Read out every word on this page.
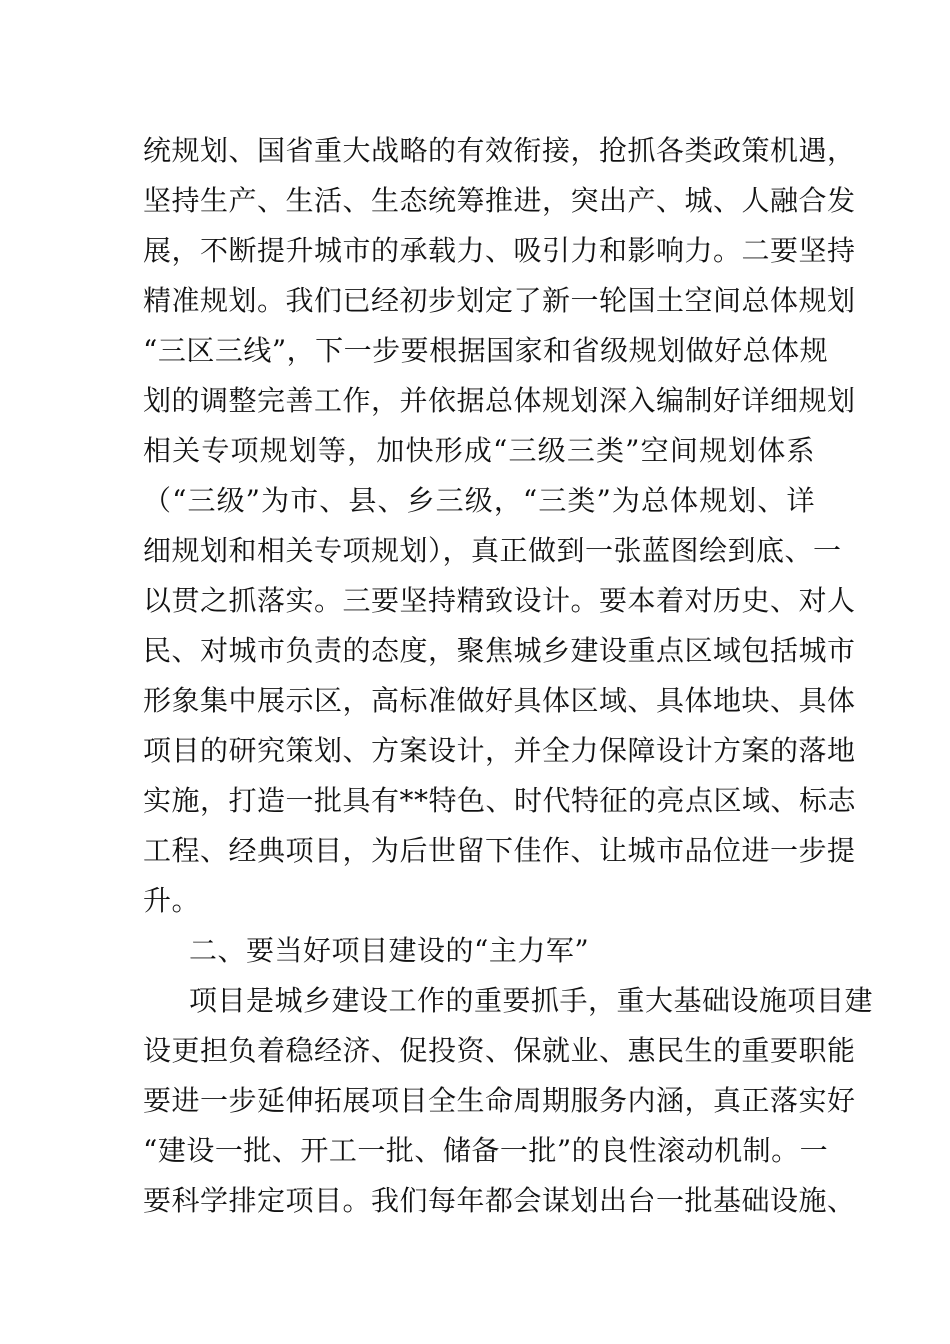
统规划、国省重大战略的有效衔接，抢抓各类政策机遇，
坚持生产、生活、生态统筹推进，突出产、城、人融合发
展，不断提升城市的承载力、吸引力和影响力。二要坚持
精准规划。我们已经初步划定了新一轮国土空间总体规划
“三区三线”，下一步要根据国家和省级规划做好总体规
划的调整完善工作，并依据总体规划深入编制好详细规划
相关专项规划等，加快形成“三级三类”空间规划体系
（“三级”为市、县、乡三级，“三类”为总体规划、详
细规划和相关专项规划），真正做到一张蓝图绘到底、一
以贯之抓落实。三要坚持精致设计。要本着对历史、对人
民、对城市负责的态度，聚焦城乡建设重点区域包括城市
形象集中展示区，高标准做好具体区域、具体地块、具体
项目的研究策划、方案设计，并全力保障设计方案的落地
实施，打造一批具有**特色、时代特征的亮点区域、标志
工程、经典项目，为后世留下佳作、让城市品位进一步提
升。
二、要当好项目建设的“主力军”
项目是城乡建设工作的重要抓手，重大基础设施项目建
设更担负着稳经济、促投资、保就业、惠民生的重要职能
要进一步延伸拓展项目全生命周期服务内涵，真正落实好
“建设一批、开工一批、储备一批”的良性滚动机制。一
要科学排定项目。我们每年都会谋划出台一批基础设施、
